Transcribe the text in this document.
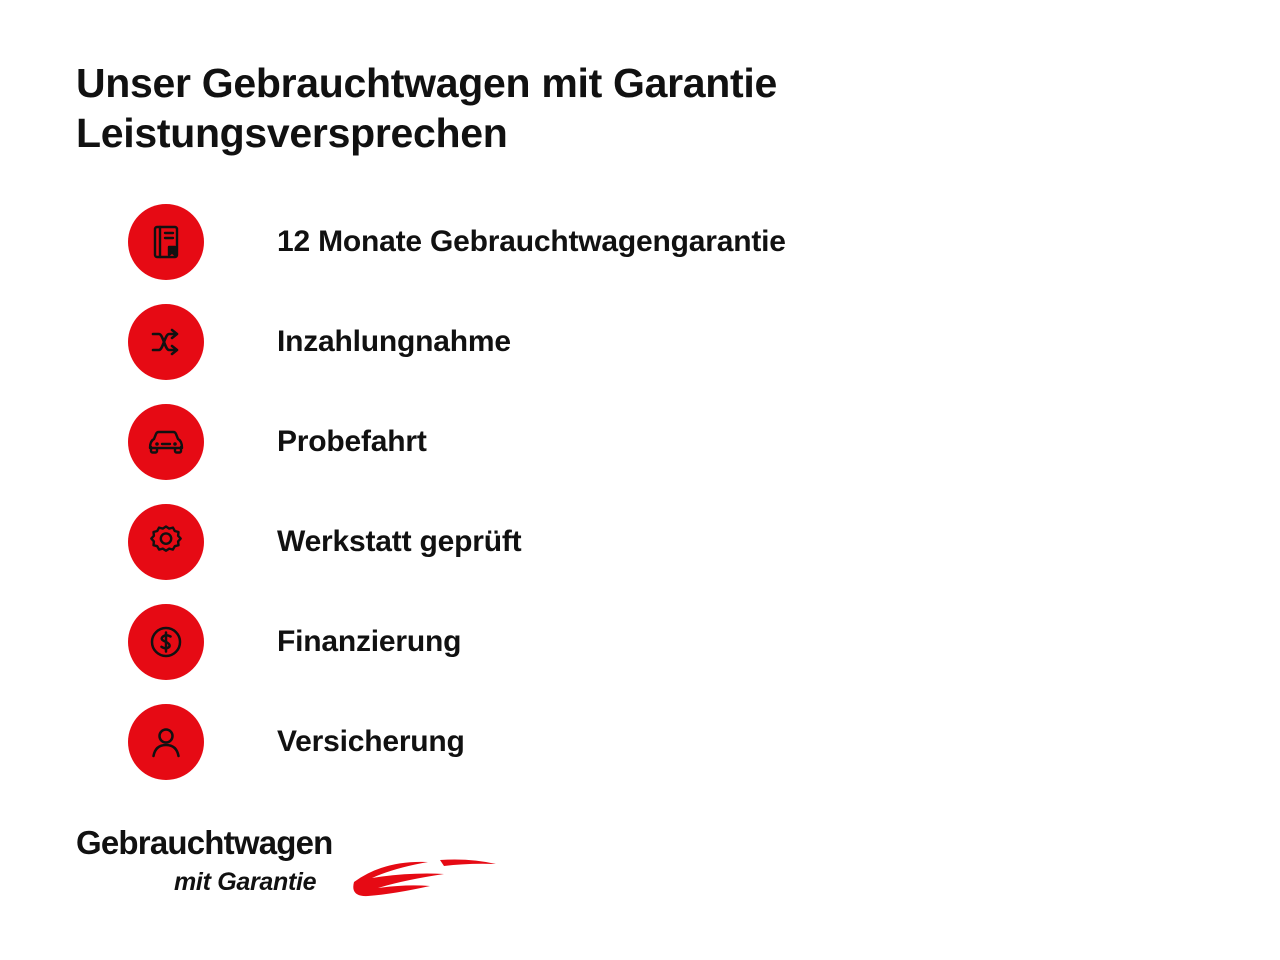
Unser Gebrauchtwagen mit Garantie Leistungsversprechen
12 Monate Gebrauchtwagengarantie
Inzahlungnahme
Probefahrt
Werkstatt geprüft
Finanzierung
Versicherung
Gebrauchtwagen
mit Garantie
